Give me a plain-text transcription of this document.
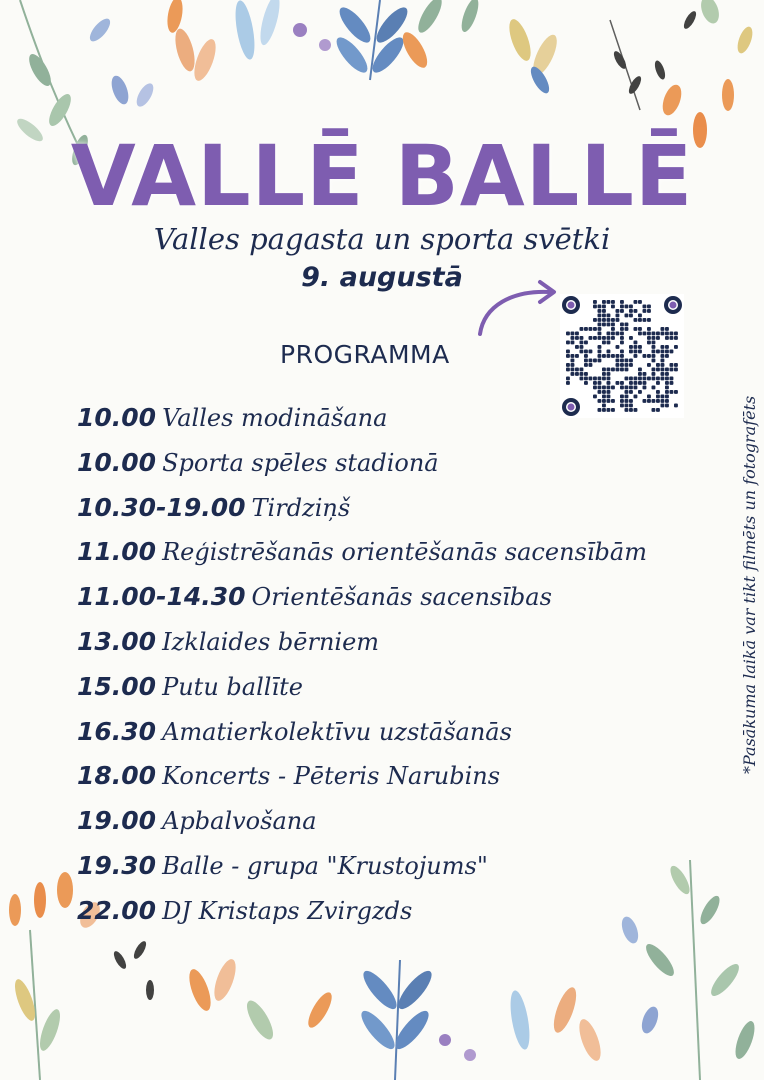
VALLĒ BALLĒ
Valles pagasta un sporta svētki
9. augustā
PROGRAMMA
10.00 Valles modināšana
10.00 Sporta spēles stadionā
10.30-19.00 Tirdziņš
11.00 Reģistrēšanās orientēšanās sacensībām
11.00-14.30 Orientēšanās sacensības
13.00 Izklaides bērniem
15.00 Putu ballīte
16.30 Amatierkolektīvu uzstāšanās
18.00 Koncerts - Pēteris Narubins
19.00 Apbalvošana
19.30 Balle - grupa "Krustojums"
22.00 DJ Kristaps Zvirgzds
*Pasākuma laikā var tikt filmēts un fotografēts
